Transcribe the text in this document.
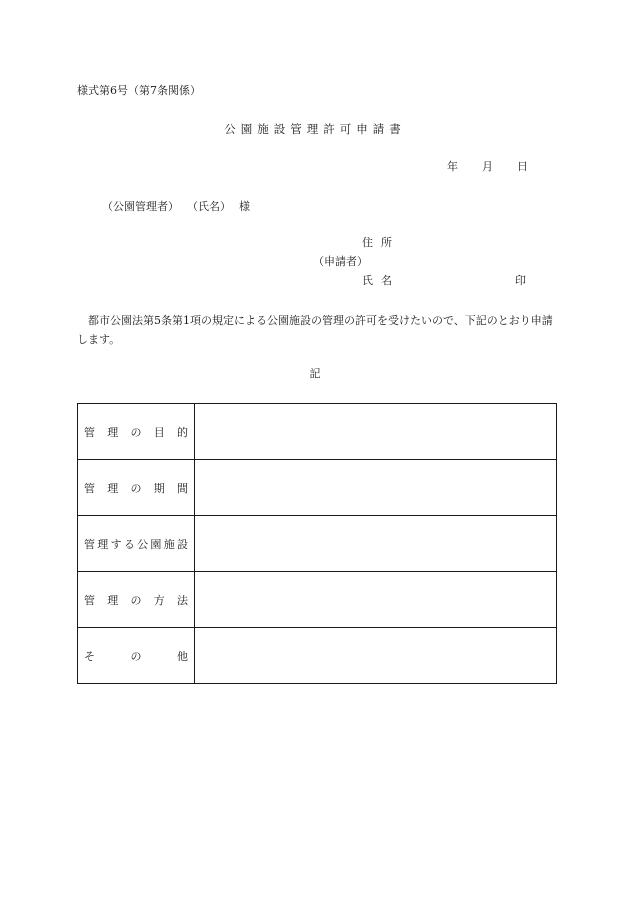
様式第6号（第7条関係）
公園施設管理許可申請書
年 月 日
（公園管理者） （氏名） 様
住所
（申請者）
氏名	印
都市公園法第5条第1項の規定による公園施設の管理の許可を受けたいので、下記のとおり申請します。
記
管理の目的	
管理の期間	
管理する公園施設	
管理の方法	
その他	
